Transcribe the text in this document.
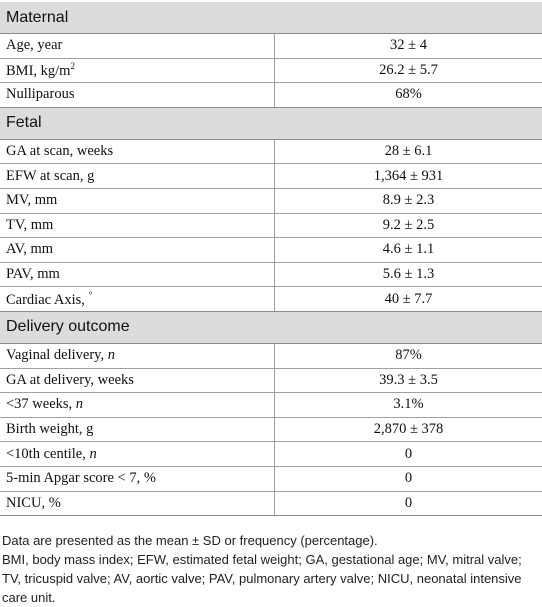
Maternal	
Age, year	32 ± 4
BMI, $kg/m^2$	26.2 ± 5.7
Nulliparous	68%
Fetal	
GA at scan, weeks	28 ± 6.1
EFW at scan, g	1,364 ± 931
MV, mm	8.9 ± 2.3
TV, mm	9.2 ± 2.5
AV, mm	4.6 ± 1.1
PAV, mm	5.6 ± 1.3
Cardiac Axis, °	40 ± 7.7
Delivery outcome	
Vaginal delivery, n	87%
GA at delivery, weeks	39.3 ± 3.5
<37 weeks, n	3.1%
Birth weight, g	2,870 ± 378
<10th centile, n	0
5-min Apgar score < 7, %	0
NICU, %	0

Data are presented as the mean ± SD or frequency (percentage).

BMI, body mass index; EFW, estimated fetal weight; GA, gestational age; MV, mitral valve; TV, tricuspid valve; AV, aortic valve; PAV, pulmonary artery valve; NICU, neonatal intensive care unit.
